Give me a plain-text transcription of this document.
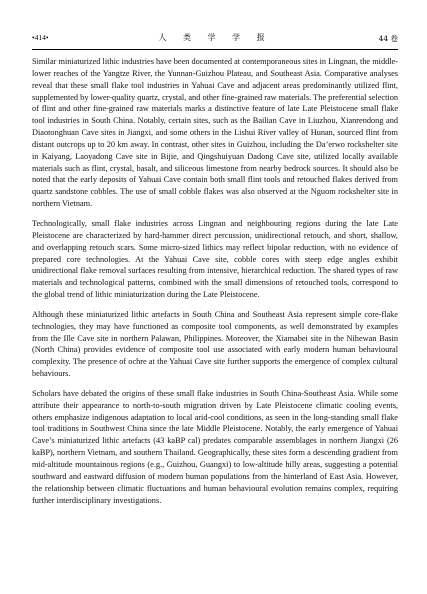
•414•	人 类 学 学 报	44 卷

Similar miniaturized lithic industries have been documented at contemporaneous sites in Lingnan, the middle-lower reaches of the Yangtze River, the Yunnan-Guizhou Plateau, and Southeast Asia. Comparative analyses reveal that these small flake tool industries in Yahuai Cave and adjacent areas predominantly utilized flint, supplemented by lower-quality quartz, crystal, and other fine-grained raw materials. The preferential selection of flint and other fine-grained raw materials marks a distinctive feature of late Late Pleistocene small flake tool industries in South China. Notably, certain sites, such as the Bailian Cave in Liuzhou, Xianrendong and Diaotonghuan Cave sites in Jiangxi, and some others in the Lishui River valley of Hunan, sourced flint from distant outcrops up to 20 km away. In contrast, other sites in Guizhou, including the Da’erwo rockshelter site in Kaiyang, Laoyadong Cave site in Bijie, and Qingshuiyuan Dadong Cave site, utilized locally available materials such as flint, crystal, basalt, and siliceous limestone from nearby bedrock sources. It should also be noted that the early deposits of Yahuai Cave contain both small flint tools and retouched flakes derived from quartz sandstone cobbles. The use of small cobble flakes was also observed at the Nguom rockshelter site in northern Vietnam.

Technologically, small flake industries across Lingnan and neighbouring regions during the late Late Pleistocene are characterized by hard-hammer direct percussion, unidirectional retouch, and short, shallow, and overlapping retouch scars. Some micro-sized lithics may reflect bipolar reduction, with no evidence of prepared core technologies. At the Yahuai Cave site, cobble cores with steep edge angles exhibit unidirectional flake removal surfaces resulting from intensive, hierarchical reduction. The shared types of raw materials and technological patterns, combined with the small dimensions of retouched tools, correspond to the global trend of lithic miniaturization during the Late Pleistocene.

Although these miniaturized lithic artefacts in South China and Southeast Asia represent simple core-flake technologies, they may have functioned as composite tool components, as well demonstrated by examples from the Ille Cave site in northern Palawan, Philippines. Moreover, the Xiamabei site in the Nihewan Basin (North China) provides evidence of composite tool use associated with early modern human behavioural complexity. The presence of ochre at the Yahuai Cave site further supports the emergence of complex cultural behaviours.

Scholars have debated the origins of these small flake industries in South China-Southeast Asia. While some attribute their appearance to north-to-south migration driven by Late Pleistocene climatic cooling events, others emphasize indigenous adaptation to local arid-cool conditions, as seen in the long-standing small flake tool traditions in Southwest China since the late Middle Pleistocene. Notably, the early emergence of Yahuai Cave’s miniaturized lithic artefacts (43 kaBP cal) predates comparable assemblages in northern Jiangxi (26 kaBP), northern Vietnam, and southern Thailand. Geographically, these sites form a descending gradient from mid-altitude mountainous regions (e.g., Guizhou, Guangxi) to low-altitude hilly areas, suggesting a potential southward and eastward diffusion of modern human populations from the hinterland of East Asia. However, the relationship between climatic fluctuations and human behavioural evolution remains complex, requiring further interdisciplinary investigations.
